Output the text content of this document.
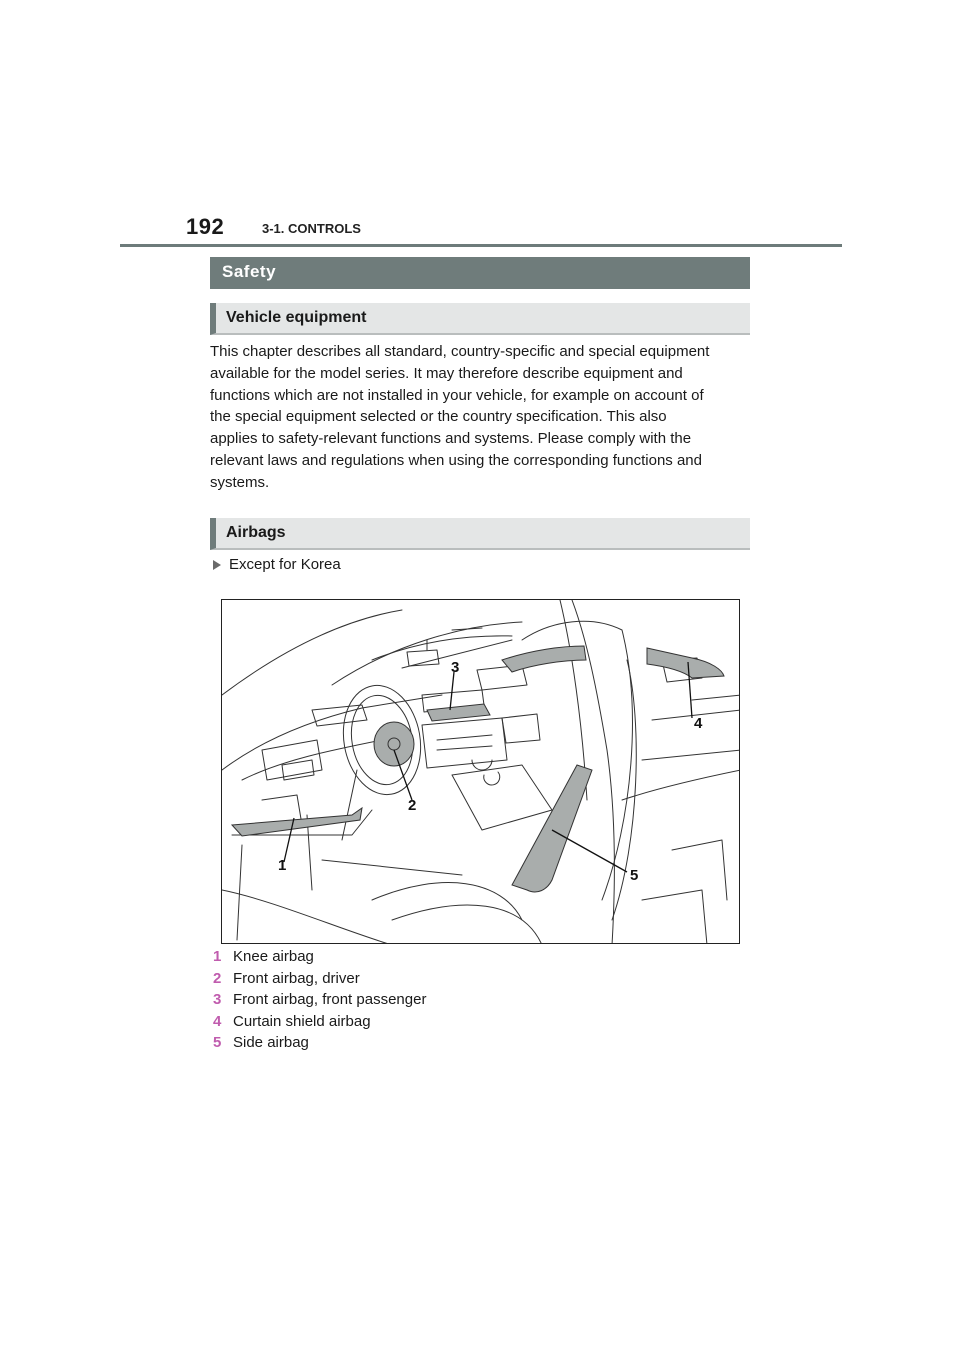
192	3-1. CONTROLS
Safety
Vehicle equipment

This chapter describes all standard, country-specific and special equipment
available for the model series. It may therefore describe equipment and
functions which are not installed in your vehicle, for example on account of
the special equipment selected or the country specification. This also
applies to safety-relevant functions and systems. Please comply with the
relevant laws and regulations when using the corresponding functions and
systems.

Airbags
Except for Korea
1
2
3
4
5
1 Knee airbag
2 Front airbag, driver
3 Front airbag, front passenger
4 Curtain shield airbag
5 Side airbag
